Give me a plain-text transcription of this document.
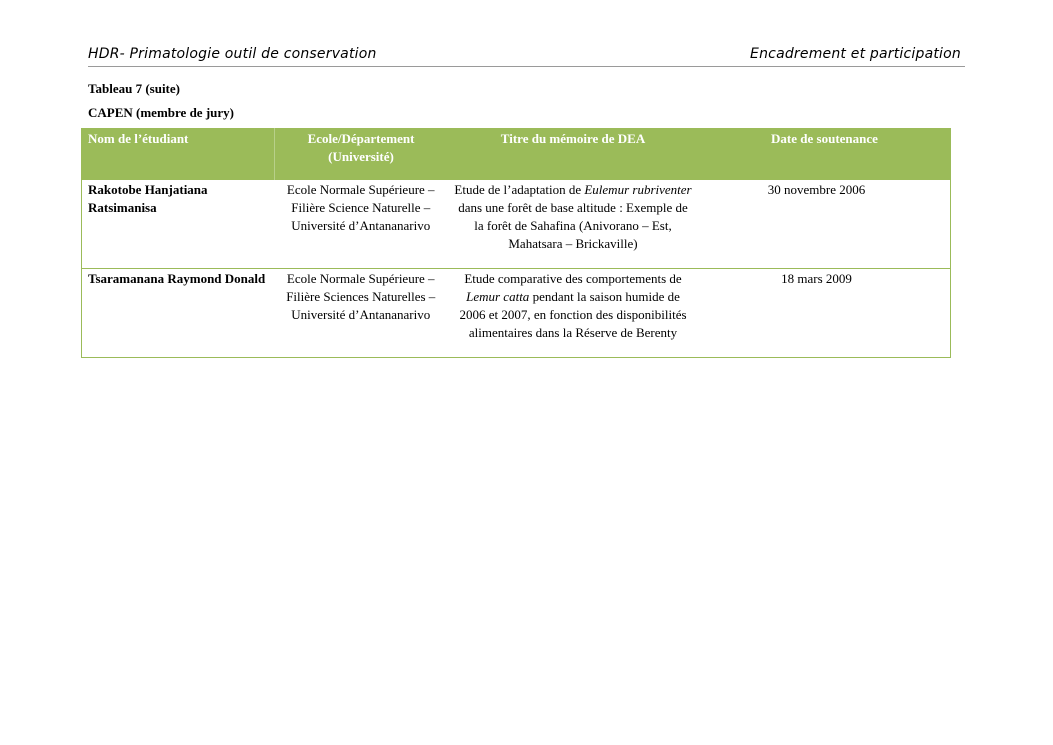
HDR- Primatologie outil de conservation	Encadrement et participation
Tableau 7 (suite)
CAPEN (membre de jury)
Nom de l’étudiant	Ecole/Département (Université)	Titre du mémoire de DEA	Date de soutenance
Rakotobe Hanjatiana Ratsimanisa	Ecole Normale Supérieure – Filière Science Naturelle – Université d’Antananarivo	Etude de l’adaptation de Eulemur rubriventer dans une forêt de base altitude : Exemple de la forêt de Sahafina (Anivorano – Est, Mahatsara – Brickaville)	30 novembre 2006
Tsaramanana Raymond Donald	Ecole Normale Supérieure – Filière Sciences Naturelles – Université d’Antananarivo	Etude comparative des comportements de Lemur catta pendant la saison humide de 2006 et 2007, en fonction des disponibilités alimentaires dans la Réserve de Berenty	18 mars 2009
